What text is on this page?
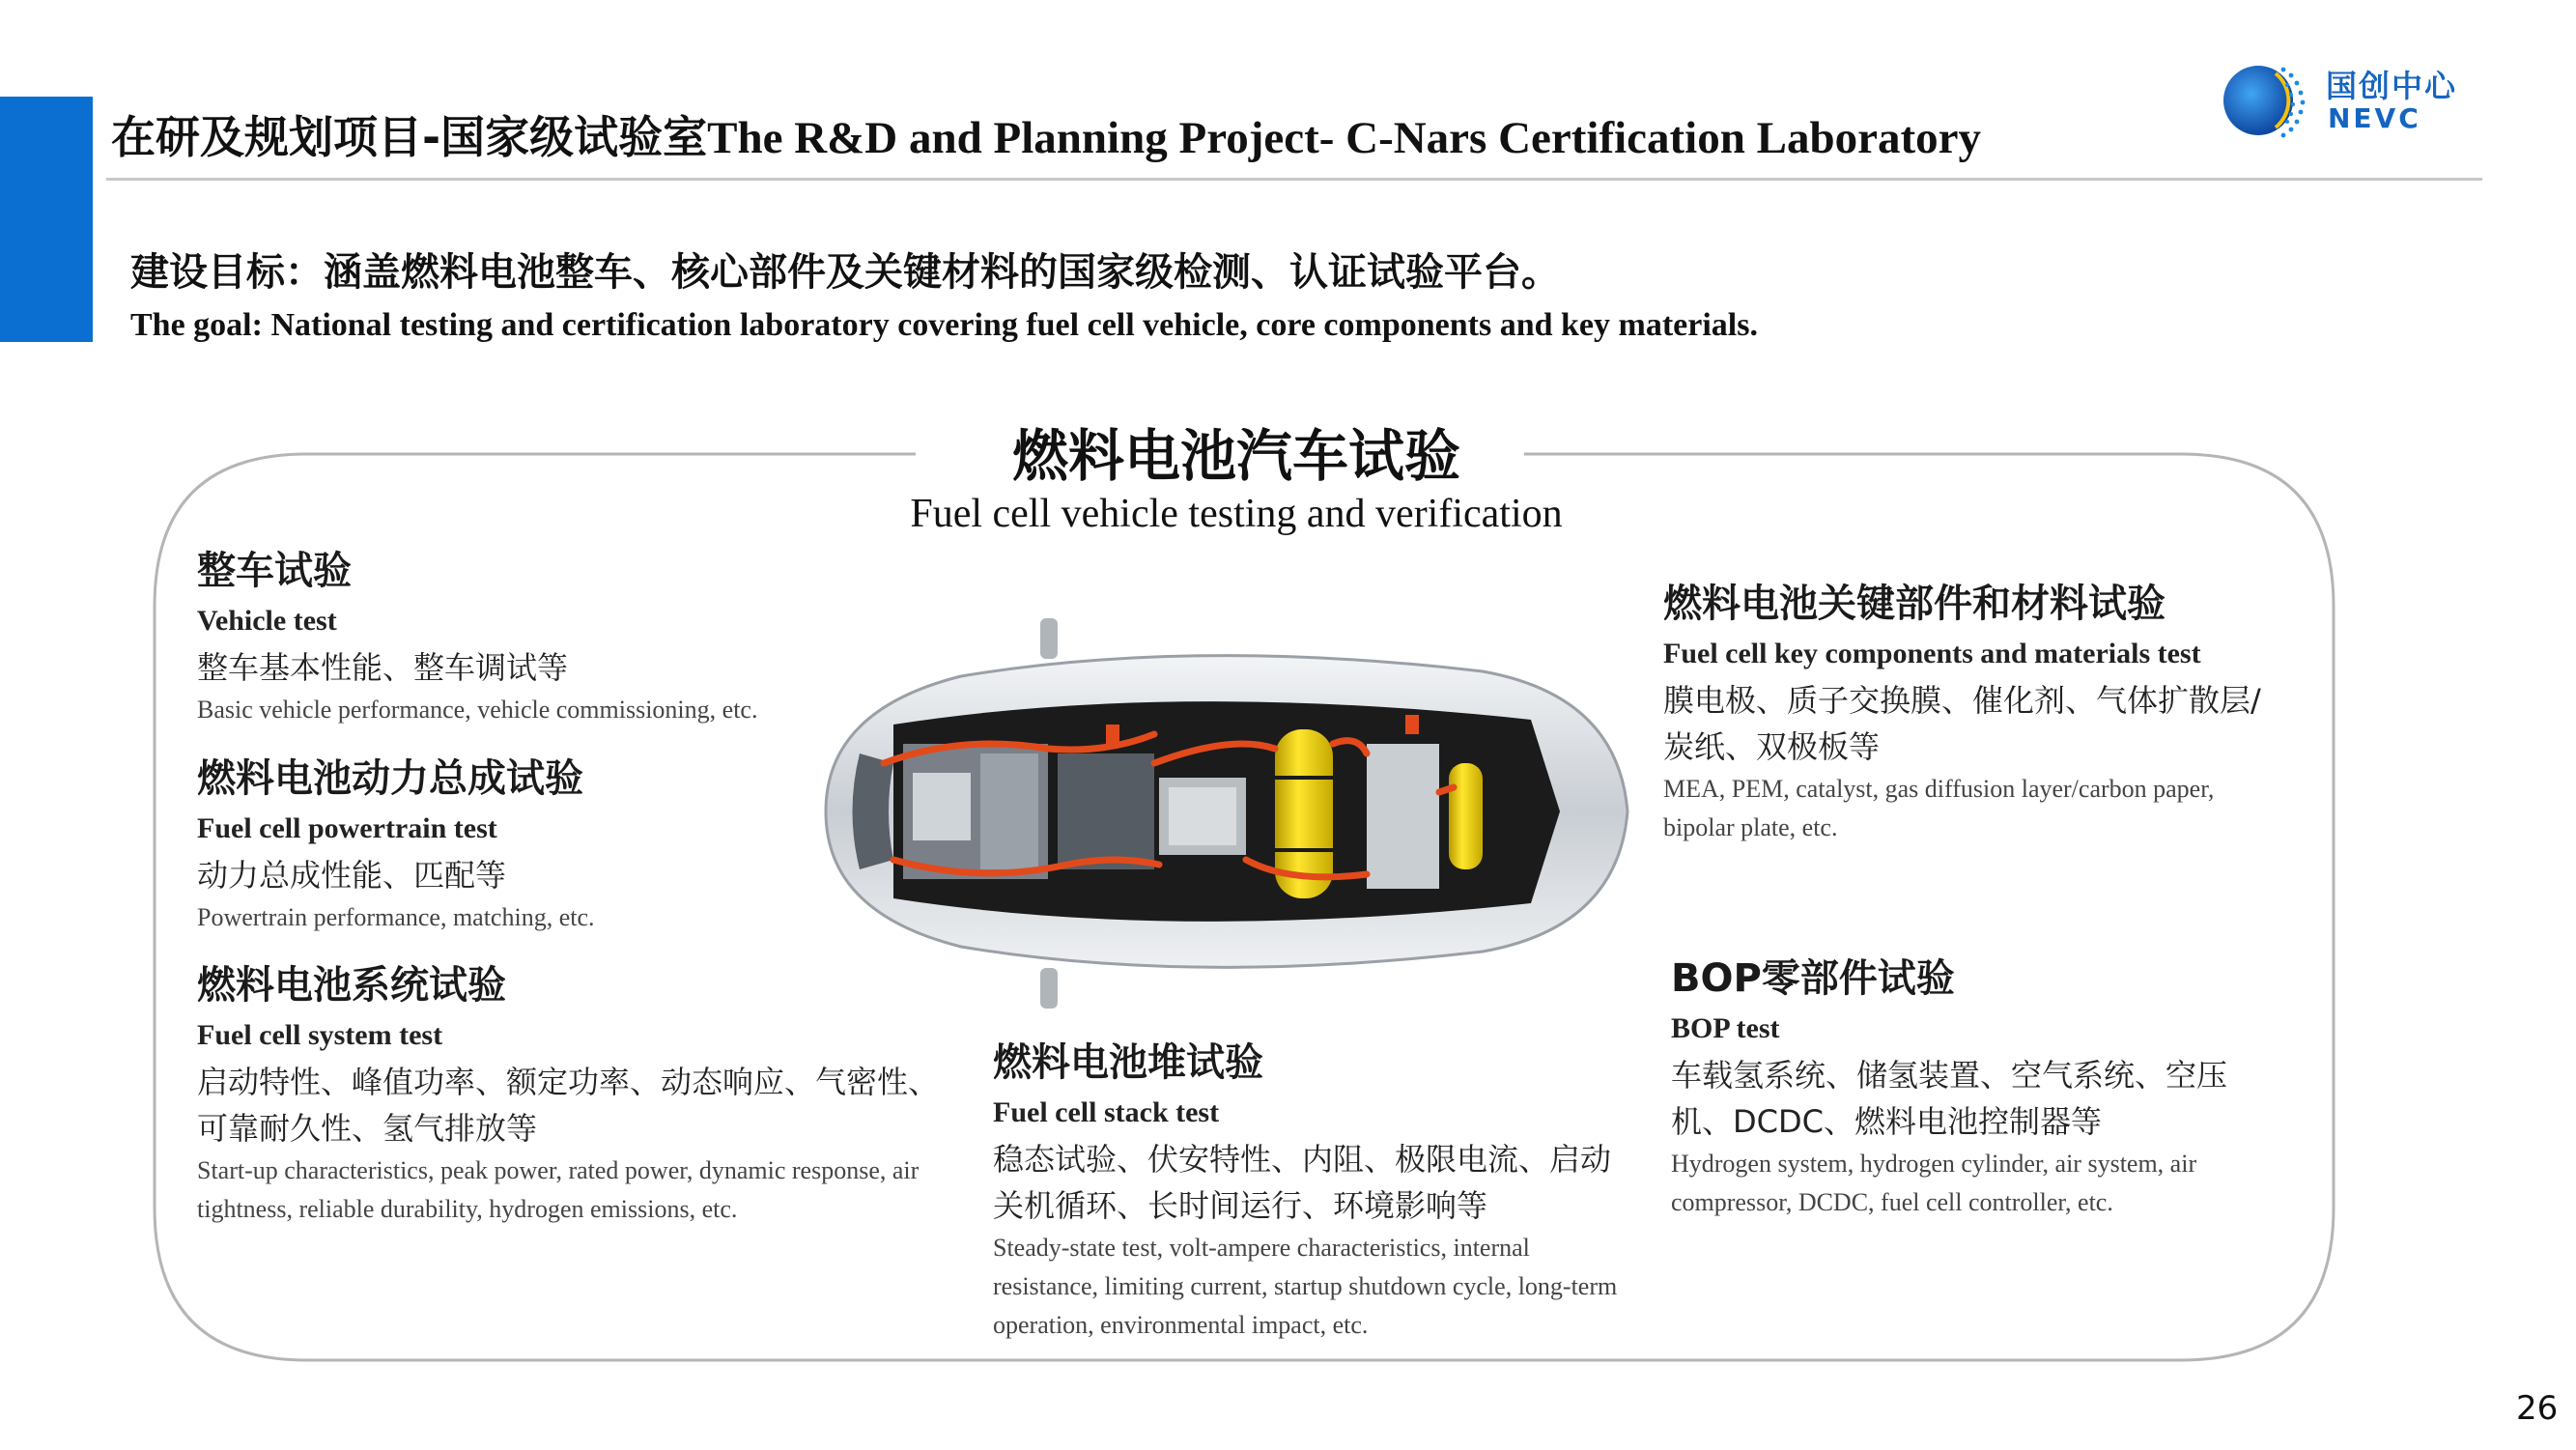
在研及规划项目-国家级试验室The R&D and Planning Project- C-Nars Certification Laboratory
国创中心
NEVC
建设目标：涵盖燃料电池整车、核心部件及关键材料的国家级检测、认证试验平台。
The goal: National testing and certification laboratory covering fuel cell vehicle, core components and key materials.
燃料电池汽车试验
Fuel cell vehicle testing and verification
整车试验
Vehicle test
整车基本性能、整车调试等
Basic vehicle performance, vehicle commissioning, etc.
燃料电池动力总成试验
Fuel cell powertrain test
动力总成性能、匹配等
Powertrain performance, matching, etc.
燃料电池系统试验
Fuel cell system test
启动特性、峰值功率、额定功率、动态响应、气密性、可靠耐久性、氢气排放等
Start-up characteristics, peak power, rated power, dynamic response, air tightness, reliable durability, hydrogen emissions, etc.
燃料电池堆试验
Fuel cell stack test
稳态试验、伏安特性、内阻、极限电流、启动关机循环、长时间运行、环境影响等
Steady-state test, volt-ampere characteristics, internal resistance, limiting current, startup shutdown cycle, long-term operation, environmental impact, etc.
燃料电池关键部件和材料试验
Fuel cell key components and materials test
膜电极、质子交换膜、催化剂、气体扩散层/炭纸、双极板等
MEA, PEM, catalyst, gas diffusion layer/carbon paper, bipolar plate, etc.
BOP零部件试验
BOP test
车载氢系统、储氢装置、空气系统、空压机、DCDC、燃料电池控制器等
Hydrogen system, hydrogen cylinder, air system, air compressor, DCDC, fuel cell controller, etc.
26
